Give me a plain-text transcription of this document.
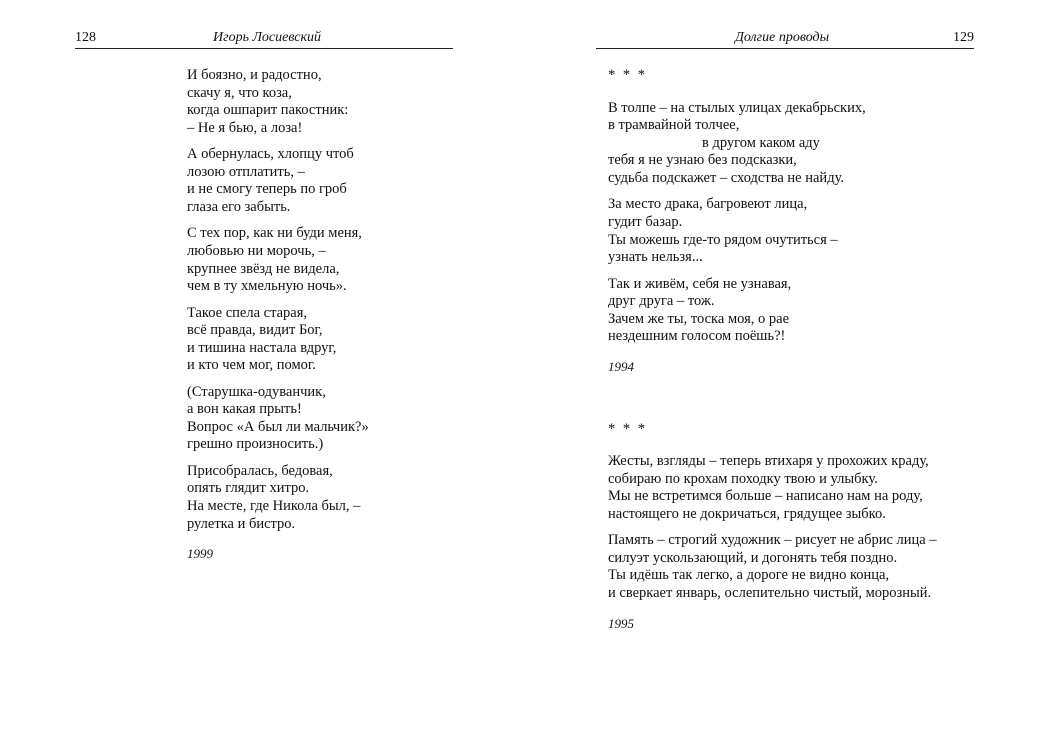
128	Игорь Лосиевский
И боязно, и радостно,
скачу я, что коза,
когда ошпарит пакостник:
– Не я бью, а лоза!
А обернулась, хлопцу чтоб
лозою отплатить, –
и не смогу теперь по гроб
глаза его забыть.
С тех пор, как ни буди меня,
любовью ни морочь, –
крупнее звёзд не видела,
чем в ту хмельную ночь».
Такое спела старая,
всё правда, видит Бог,
и тишина настала вдруг,
и кто чем мог, помог.
(Старушка-одуванчик,
а вон какая прыть!
Вопрос «А был ли мальчик?»
грешно произносить.)
Присобралась, бедовая,
опять глядит хитро.
На месте, где Никола был, –
рулетка и бистро.
1999
Долгие проводы	129
* * *
В толпе – на стылых улицах декабрьских,
в трамвайной толчее,
в другом каком аду
тебя я не узнаю без подсказки,
судьба подскажет – сходства не найду.
За место драка, багровеют лица,
гудит базар.
Ты можешь где-то рядом очутиться –
узнать нельзя...
Так и живём, себя не узнавая,
друг друга – тож.
Зачем же ты, тоска моя, о рае
нездешним голосом поёшь?!
1994
* * *
Жесты, взгляды – теперь втихаря у прохожих краду,
собираю по крохам походку твою и улыбку.
Мы не встретимся больше – написано нам на роду,
настоящего не докричаться, грядущее зыбко.
Память – строгий художник – рисует не абрис лица –
силуэт ускользающий, и догонять тебя поздно.
Ты идёшь так легко, а дороге не видно конца,
и сверкает январь, ослепительно чистый, морозный.
1995
